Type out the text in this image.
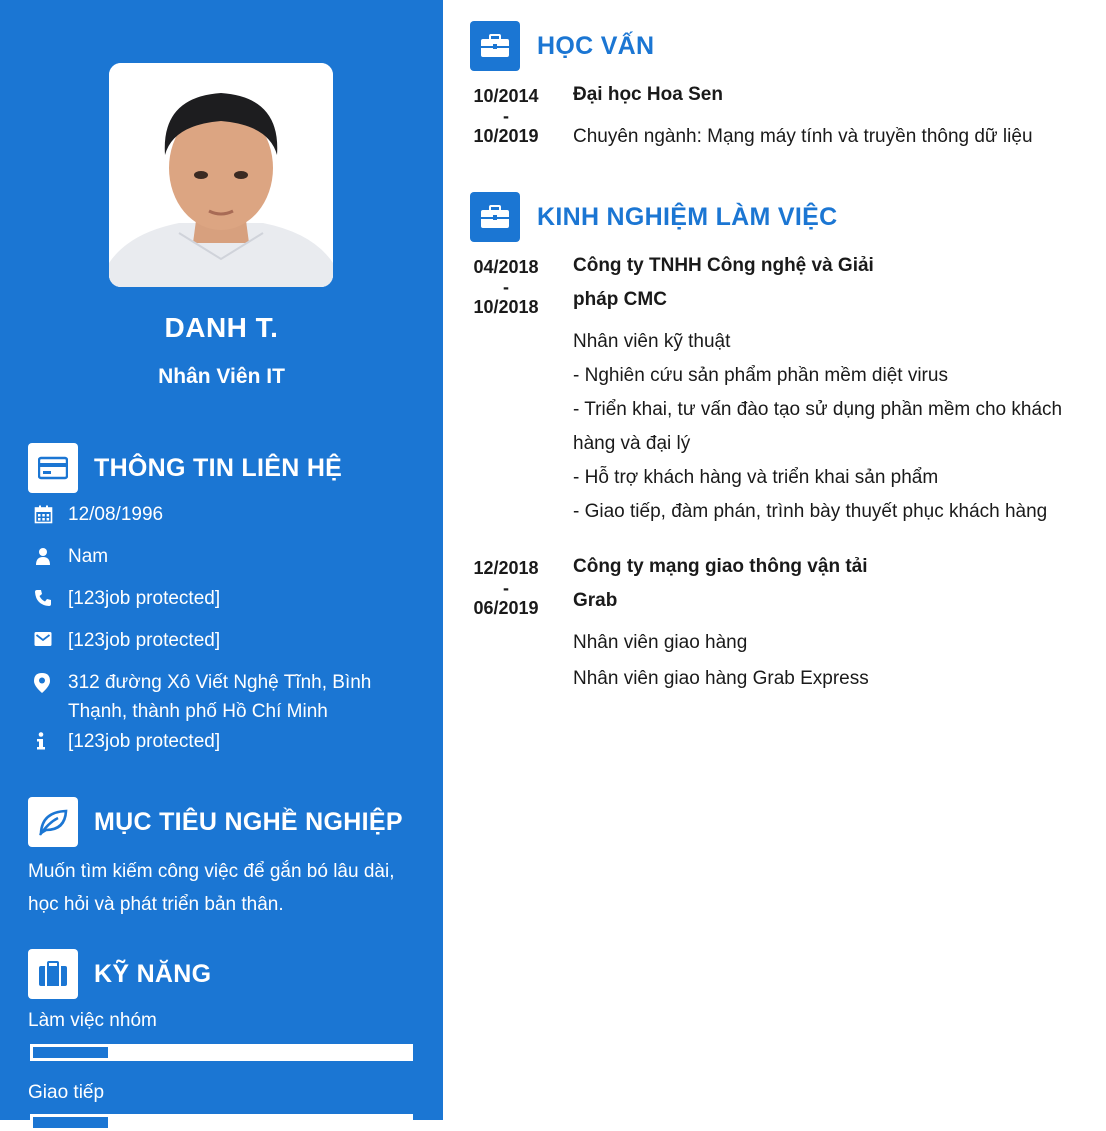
DANH T.
Nhân Viên IT
THÔNG TIN LIÊN HỆ
12/08/1996
Nam
[123job protected]
[123job protected]
312 đường Xô Viết Nghệ Tĩnh, Bình Thạnh, thành phố Hồ Chí Minh
[123job protected]
MỤC TIÊU NGHỀ NGHIỆP
Muốn tìm kiếm công việc để gắn bó lâu dài, học hỏi và phát triển bản thân.
KỸ NĂNG
Làm việc nhóm
Giao tiếp
HỌC VẤN
10/2014
-
10/2019
Đại học Hoa Sen
Chuyên ngành: Mạng máy tính và truyền thông dữ liệu
KINH NGHIỆM LÀM VIỆC
04/2018
-
10/2018
Công ty TNHH Công nghệ và Giải pháp CMC
Nhân viên kỹ thuật
- Nghiên cứu sản phẩm phần mềm diệt virus
- Triển khai, tư vấn đào tạo sử dụng phần mềm cho khách hàng và đại lý
- Hỗ trợ khách hàng và triển khai sản phẩm
- Giao tiếp, đàm phán, trình bày thuyết phục khách hàng
12/2018
-
06/2019
Công ty mạng giao thông vận tải Grab
Nhân viên giao hàng
Nhân viên giao hàng Grab Express
